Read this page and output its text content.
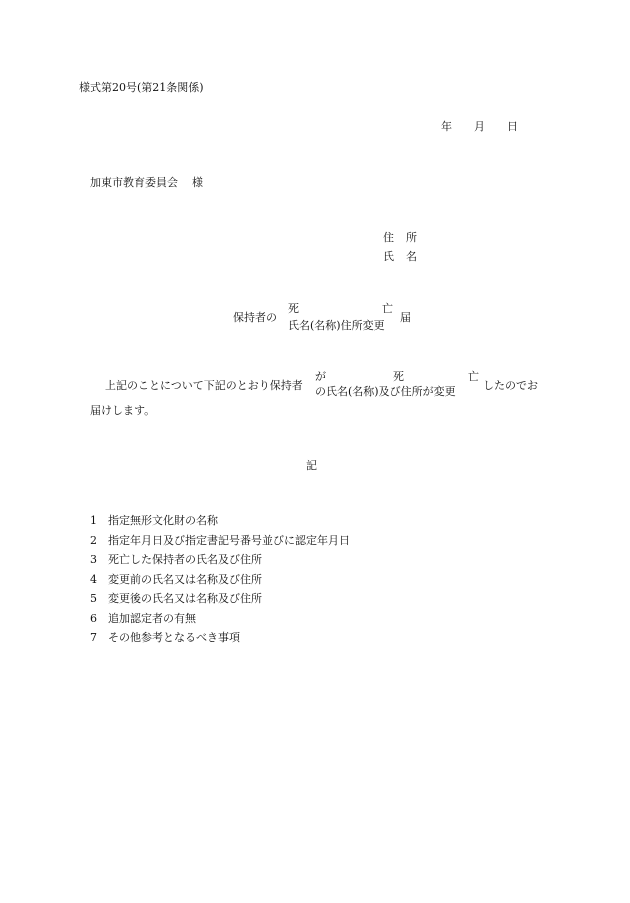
様式第20号(第21条関係)
年 月 日
加東市教育委員会 様
住 所
氏 名
保持者の
死	亡
氏名(名称)住所変更
届
上記のことについて下記のとおり保持者
が	死	亡
の氏名(名称)及び住所が変更 したのでお
届けします。
記
1 指定無形文化財の名称
2 指定年月日及び指定書記号番号並びに認定年月日
3 死亡した保持者の氏名及び住所
4 変更前の氏名又は名称及び住所
5 変更後の氏名又は名称及び住所
6 追加認定者の有無
7 その他参考となるべき事項
